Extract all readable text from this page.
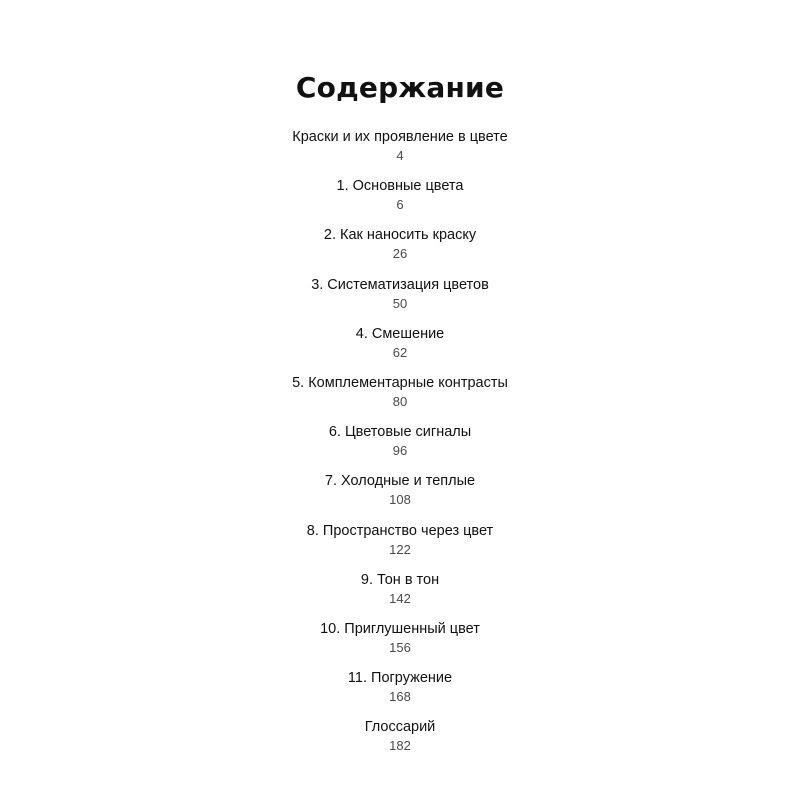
Содержание
Краски и их проявление в цвете
4
1. Основные цвета
6
2. Как наносить краску
26
3. Систематизация цветов
50
4. Смешение
62
5. Комплементарные контрасты
80
6. Цветовые сигналы
96
7. Холодные и теплые
108
8. Пространство через цвет
122
9. Тон в тон
142
10. Приглушенный цвет
156
11. Погружение
168
Глоссарий
182
